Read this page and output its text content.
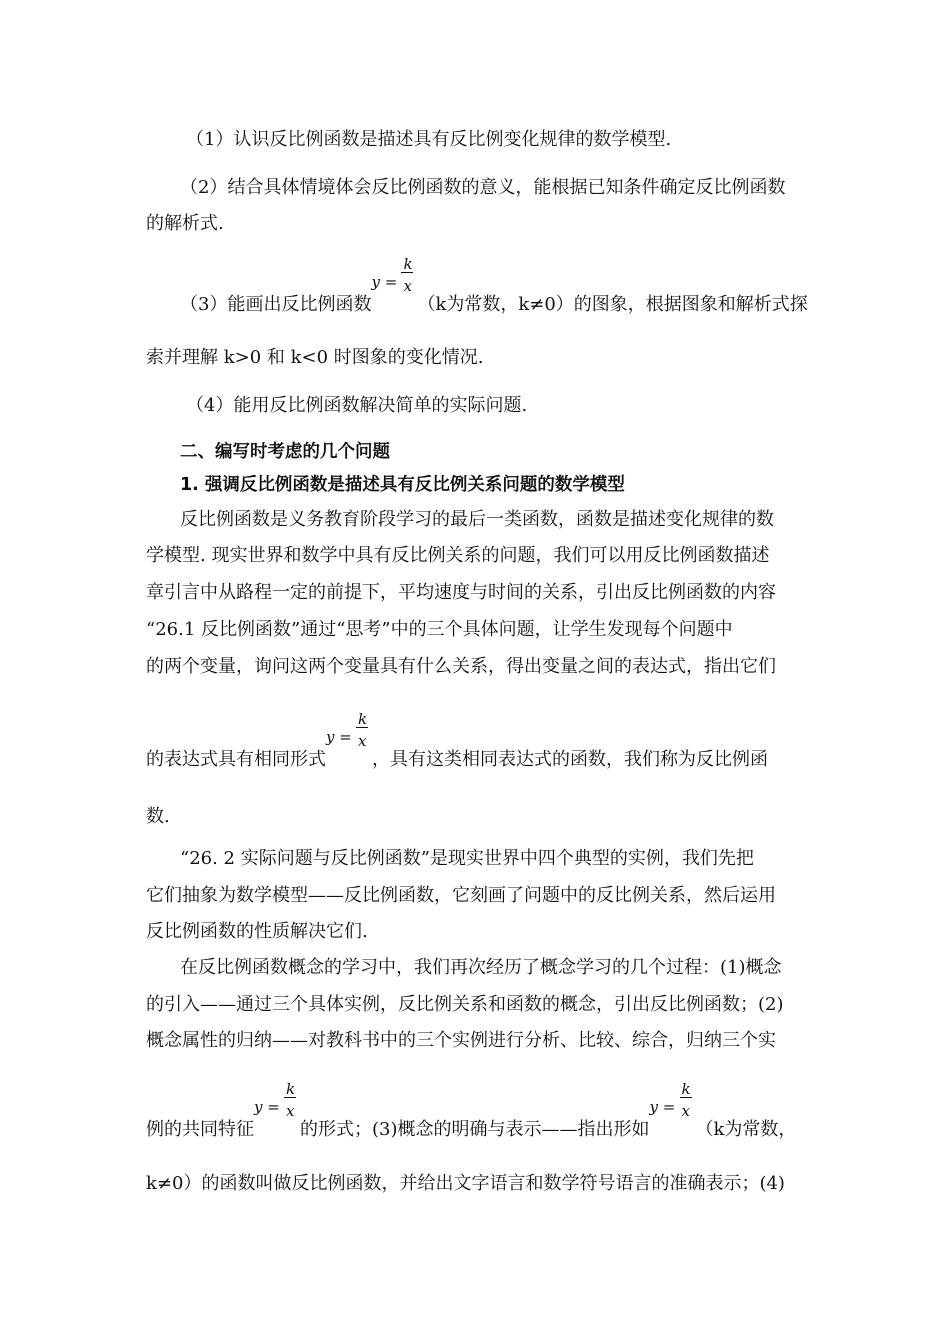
（1）认识反比例函数是描述具有反比例变化规律的数学模型.
（2）结合具体情境体会反比例函数的意义，能根据已知条件确定反比例函数
的解析式.
（3）能画出反比例函数
y =
k
x
（k为常数，k≠0）的图象，根据图象和解析式探
索并理解 k>0 和 k<0 时图象的变化情况.
（4）能用反比例函数解决简单的实际问题.
二、编写时考虑的几个问题
1. 强调反比例函数是描述具有反比例关系问题的数学模型
反比例函数是义务教育阶段学习的最后一类函数，函数是描述变化规律的数
学模型. 现实世界和数学中具有反比例关系的问题，我们可以用反比例函数描述
章引言中从路程一定的前提下，平均速度与时间的关系，引出反比例函数的内容
“26.1 反比例函数”通过“思考”中的三个具体问题，让学生发现每个问题中
的两个变量，询问这两个变量具有什么关系，得出变量之间的表达式，指出它们
的表达式具有相同形式
y =
k
x
，具有这类相同表达式的函数，我们称为反比例函
数.
“26. 2 实际问题与反比例函数”是现实世界中四个典型的实例，我们先把
它们抽象为数学模型——反比例函数，它刻画了问题中的反比例关系，然后运用
反比例函数的性质解决它们.
在反比例函数概念的学习中，我们再次经历了概念学习的几个过程：(1)概念
的引入——通过三个具体实例，反比例关系和函数的概念，引出反比例函数；(2)
概念属性的归纳——对教科书中的三个实例进行分析、比较、综合，归纳三个实
例的共同特征
y =
k
x
的形式；(3)概念的明确与表示——指出形如
y =
k
x
（k为常数，
k≠0）的函数叫做反比例函数，并给出文字语言和数学符号语言的准确表示；(4)
